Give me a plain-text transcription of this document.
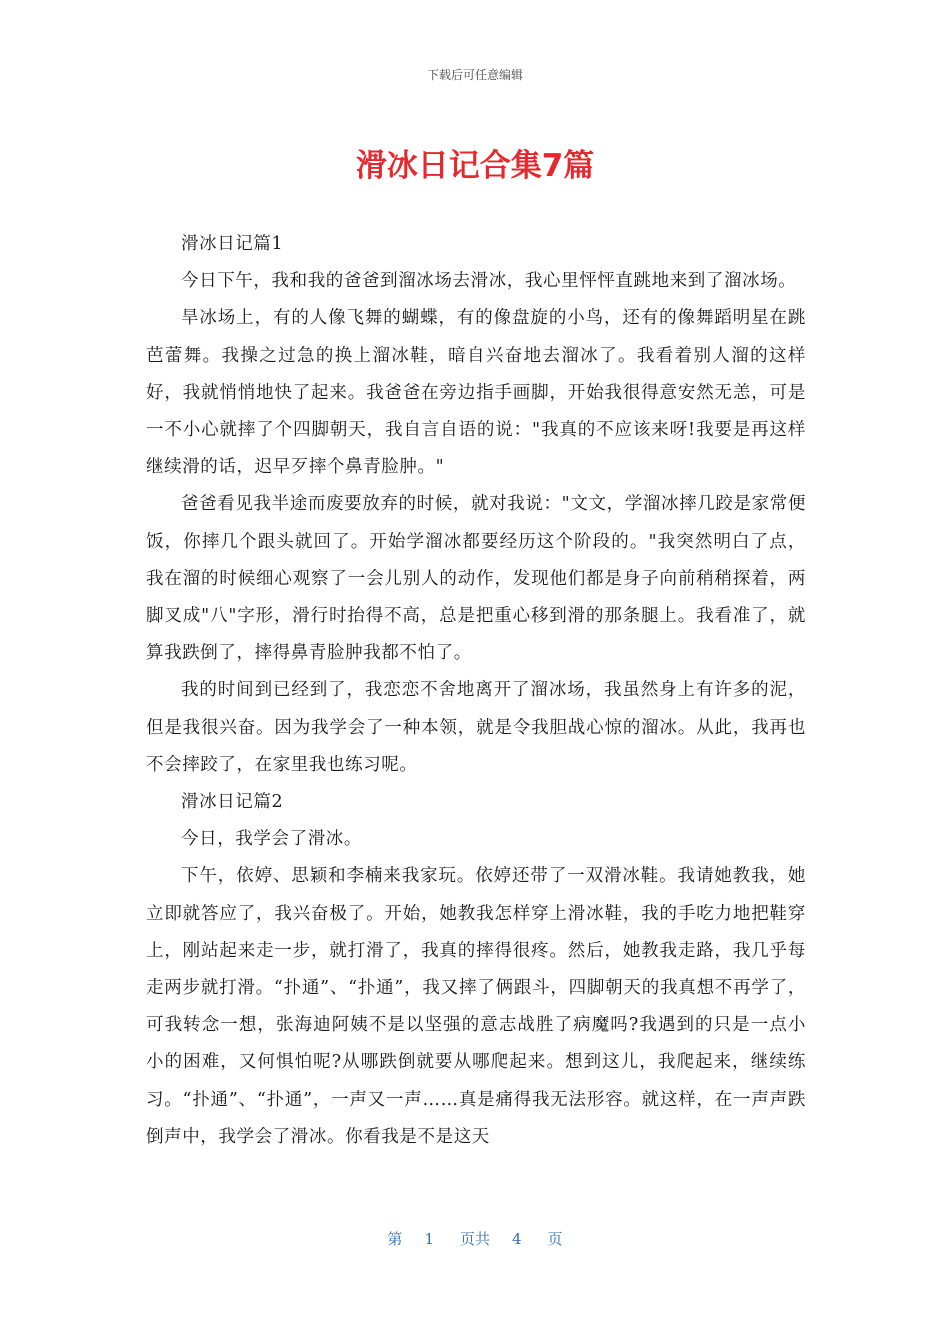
下载后可任意编辑
滑冰日记合集7篇

滑冰日记篇1

今日下午，我和我的爸爸到溜冰场去滑冰，我心里怦怦直跳地来到了溜冰场。

旱冰场上，有的人像飞舞的蝴蝶，有的像盘旋的小鸟，还有的像舞蹈明星在跳芭蕾舞。我操之过急的换上溜冰鞋，暗自兴奋地去溜冰了。我看着别人溜的这样好，我就悄悄地快了起来。我爸爸在旁边指手画脚，开始我很得意安然无恙，可是一不小心就摔了个四脚朝天，我自言自语的说："我真的不应该来呀!我要是再这样继续滑的话，迟早歹摔个鼻青脸肿。"

爸爸看见我半途而废要放弃的时候，就对我说："文文，学溜冰摔几跤是家常便饭，你摔几个跟头就回了。开始学溜冰都要经历这个阶段的。"我突然明白了点，我在溜的时候细心观察了一会儿别人的动作，发现他们都是身子向前稍稍探着，两脚叉成"八"字形，滑行时抬得不高，总是把重心移到滑的那条腿上。我看准了，就算我跌倒了，摔得鼻青脸肿我都不怕了。

我的时间到已经到了，我恋恋不舍地离开了溜冰场，我虽然身上有许多的泥，但是我很兴奋。因为我学会了一种本领，就是令我胆战心惊的溜冰。从此，我再也不会摔跤了，在家里我也练习呢。

滑冰日记篇2

今日，我学会了滑冰。

下午，依婷、思颖和李楠来我家玩。依婷还带了一双滑冰鞋。我请她教我，她立即就答应了，我兴奋极了。开始，她教我怎样穿上滑冰鞋，我的手吃力地把鞋穿上，刚站起来走一步，就打滑了，我真的摔得很疼。然后，她教我走路，我几乎每走两步就打滑。“扑通”、“扑通”，我又摔了俩跟斗，四脚朝天的我真想不再学了，可我转念一想，张海迪阿姨不是以坚强的意志战胜了病魔吗?我遇到的只是一点小小的困难，又何惧怕呢?从哪跌倒就要从哪爬起来。想到这儿，我爬起来，继续练习。“扑通”、“扑通”，一声又一声……真是痛得我无法形容。就这样，在一声声跌倒声中，我学会了滑冰。你看我是不是这天

第 1 页共 4 页
